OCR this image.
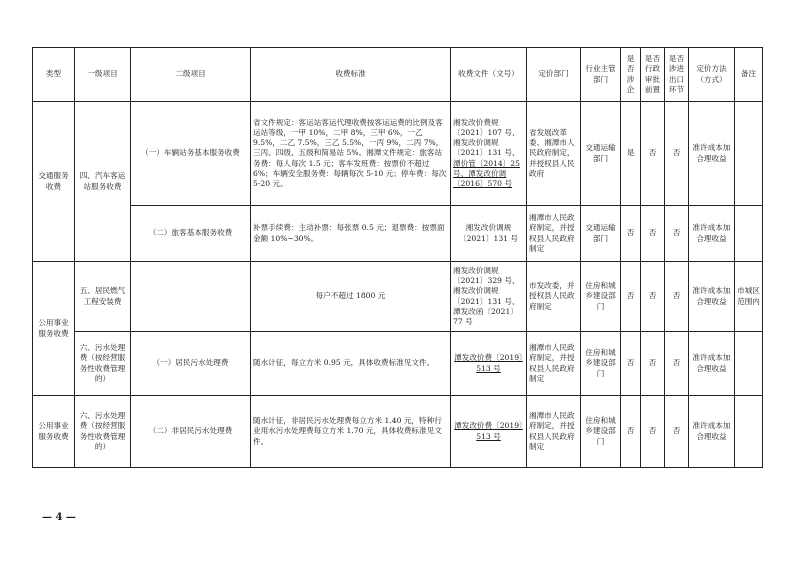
类型	一级项目	二级项目	收费标准	收费文件（文号）	定价部门	行业主管部门	是否涉企	是否行政审批前置	是否涉进出口环节	定价方法（方式）	备注
交通服务收费	四、汽车客运站服务收费	（一）车辆站务基本服务收费	省文件规定：客运站客运代理收费按客运运费的比例及客运站等级，一甲 10%，二甲 8%，三甲 6%，一乙 9.5%，二乙 7.5%，三乙 5.5%，一丙 9%，二丙 7%，三丙、四级、五级和简易站 5%。湘潭文件规定：旅客站务费：每人每次 1.5 元；客车发班费：按票价不超过 6%；车辆安全服务费：每辆每次 5-10 元；停车费：每次 5-20 元。	湘发改价费规〔2021〕107 号、湘发改价调规〔2021〕131 号、潭价管〔2014〕25 号、潭发改价调〔2016〕570 号	省发展改革委、湘潭市人民政府制定，并授权县人民政府	交通运输部门	是	否	否	准许成本加合理收益	
		（二）旅客基本服务收费	补票手续费：主动补票：每张票 0.5 元；退票费：按票面金额 10%~30%。	湘发改价调规〔2021〕131 号	湘潭市人民政府制定，并授权县人民政府制定	交通运输部门	否	否	否	准许成本加合理收益	
公用事业服务收费	五、居民燃气工程安装费		每户不超过 1800 元	湘发改价调规〔2021〕329 号、湘发改价调规〔2021〕131 号、潭发改函〔2021〕77 号	市发改委，并授权县人民政府制定	住房和城乡建设部门	否	否	否	准许成本加合理收益	市城区范围内
	六、污水处理费（按经营服务性收费管理的）	（一）居民污水处理费	随水计征，每立方米 0.95 元，具体收费标准见文件。	潭发改价费〔2019〕513 号	湘潭市人民政府制定，并授权县人民政府制定	住房和城乡建设部门	否	否	否	准许成本加合理收益	
公用事业服务收费	六、污水处理费（按经营服务性收费管理的）	（二）非居民污水处理费	随水计征，非居民污水处理费每立方米 1.40 元，特种行业用水污水处理费每立方米 1.70 元，具体收费标准见文件。	潭发改价费〔2019〕513 号	湘潭市人民政府制定，并授权县人民政府制定	住房和城乡建设部门	否	否	否	准许成本加合理收益	
— 4 —
